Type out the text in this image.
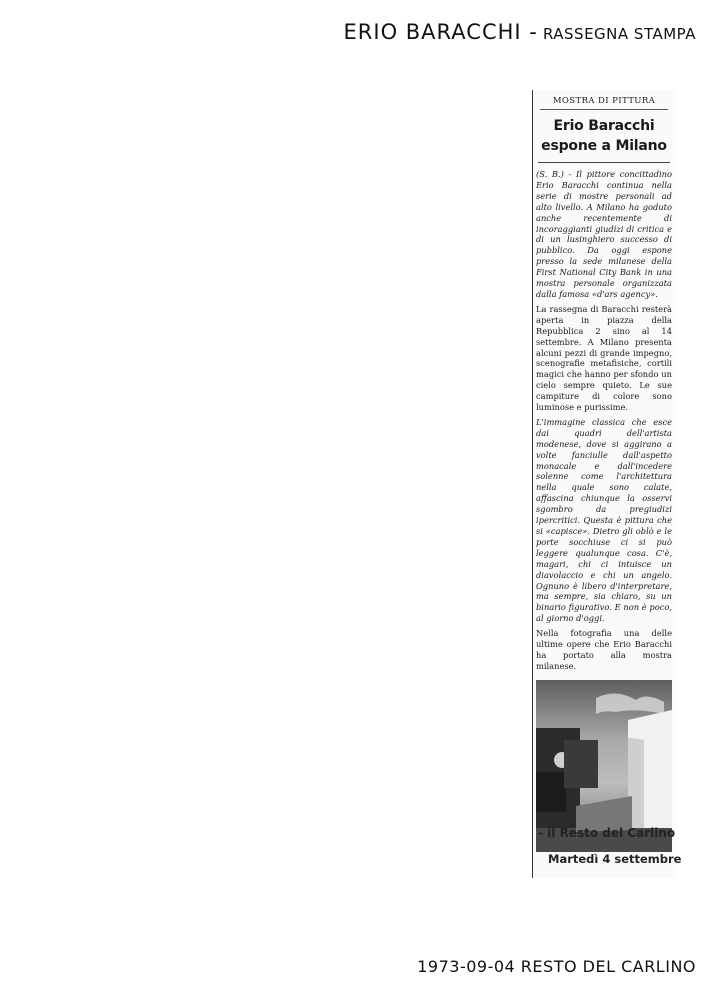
ERIO BARACCHI - RASSEGNA STAMPA
MOSTRA DI PITTURA
Erio Baracchi
espone a Milano

(S. B.) - Il pittore concittadino Erio Baracchi continua nella serie di mostre personali ad alto livello. A Milano ha goduto anche recentemente di incoraggianti giudizi di critica e di un lusinghiero successo di pubblico. Da oggi espone presso la sede milanese della First National City Bank in una mostra personale organizzata dalla famosa «d'ars agency».

La rassegna di Baracchi resterà aperta in piazza della Repubblica 2 sino al 14 settembre. A Milano presenta alcuni pezzi di grande impegno, scenografie metafisiche, cortili magici che hanno per sfondo un cielo sempre quieto. Le sue campiture di colore sono luminose e purissime.

L'immagine classica che esce dai quadri dell'artista modenese, dove si aggirano a volte fanciulle dall'aspetto monacale e dall'incedere solenne come l'architettura nella quale sono calate, affascina chiunque la osservi sgombro da pregiudizi ipercritici. Questa è pittura che si «capisce». Dietro gli oblò e le porte socchiuse ci si può leggere qualunque cosa. C'è, magari, chi ci intuisce un diavolaccio e chi un angelo. Ognuno è libero d'interpretare, ma sempre, sia chiaro, su un binario figurativo. E non è poco, al giorno d'oggi.

Nella fotografia una delle ultime opere che Erio Baracchi ha portato alla mostra milanese.

- il Resto del Carlino
Martedì 4 settembre
1973-09-04 RESTO DEL CARLINO
